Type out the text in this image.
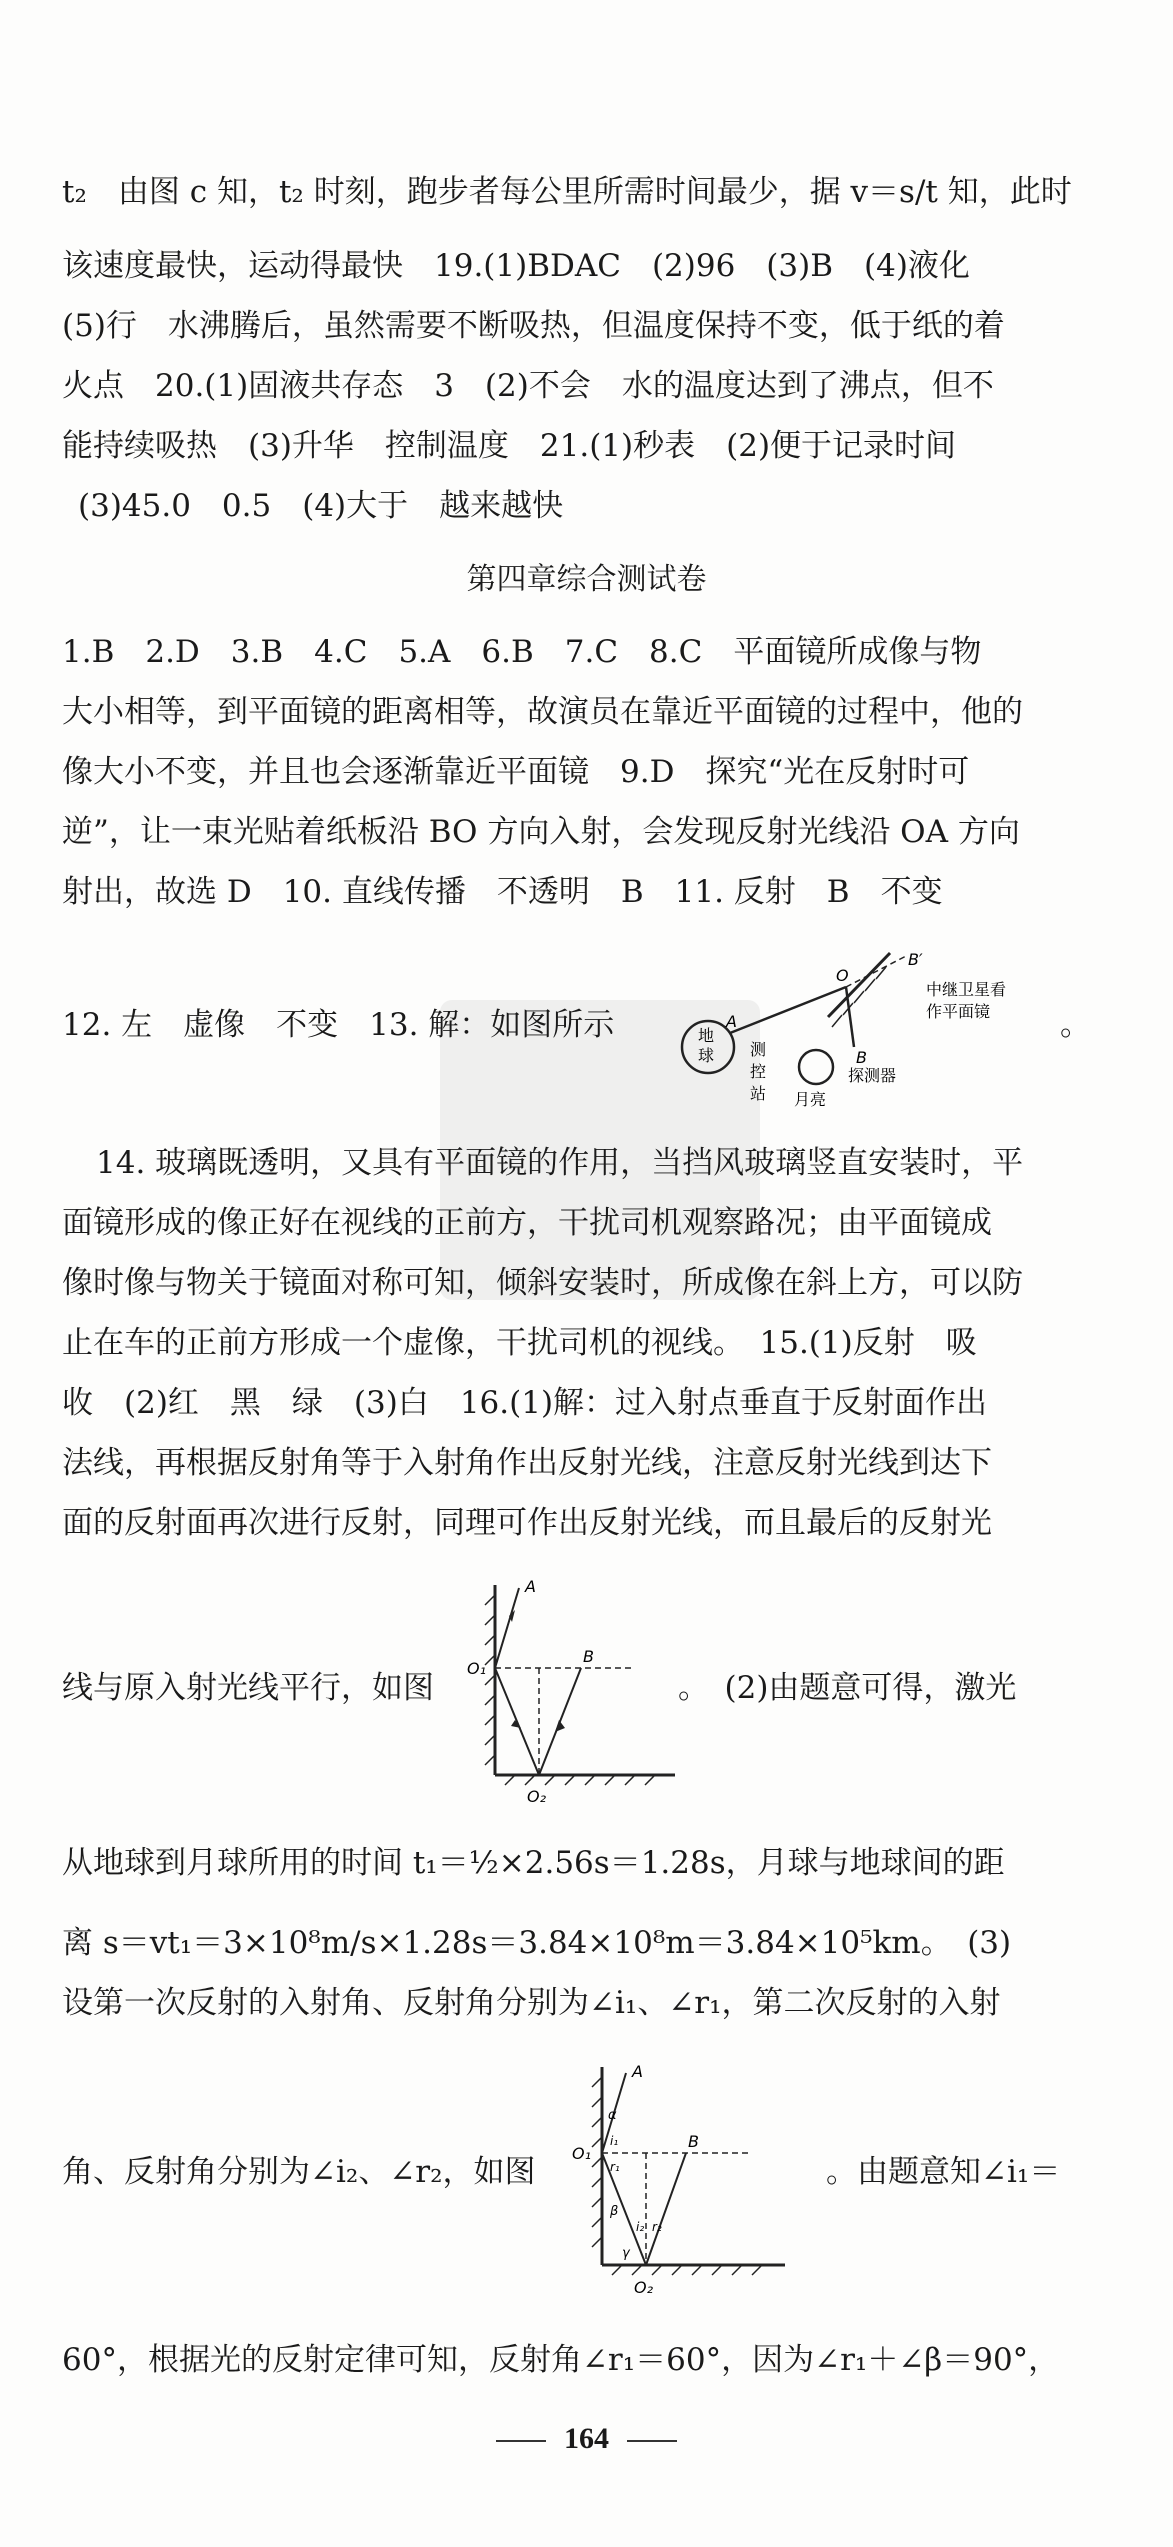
t₂　由图 c 知，t₂ 时刻，跑步者每公里所需时间最少，据 v＝s/t 知，此时
该速度最快，运动得最快　19.(1)BDAC　(2)96　(3)B　(4)液化
(5)行　水沸腾后，虽然需要不断吸热，但温度保持不变，低于纸的着
火点　20.(1)固液共存态　3　(2)不会　水的温度达到了沸点，但不
能持续吸热　(3)升华　控制温度　21.(1)秒表　(2)便于记录时间
(3)45.0　0.5　(4)大于　越来越快
第四章综合测试卷
1.B　2.D　3.B　4.C　5.A　6.B　7.C　8.C　平面镜所成像与物
大小相等，到平面镜的距离相等，故演员在靠近平面镜的过程中，他的
像大小不变，并且也会逐渐靠近平面镜　9.D　探究“光在反射时可
逆”，让一束光贴着纸板沿 BO 方向入射，会发现反射光线沿 OA 方向
射出，故选 D　10. 直线传播　不透明　B　11. 反射　B　不变
12. 左　虚像　不变　13. 解：如图所示	。
地
球
A
O
B
B′
测
控
站 月亮
探测器
中继卫星看
作平面镜
14. 玻璃既透明，又具有平面镜的作用，当挡风玻璃竖直安装时，平
面镜形成的像正好在视线的正前方，干扰司机观察路况；由平面镜成
像时像与物关于镜面对称可知，倾斜安装时，所成像在斜上方，可以防
止在车的正前方形成一个虚像，干扰司机的视线。　15.(1)反射　吸
收　(2)红　黑　绿　(3)白　16.(1)解：过入射点垂直于反射面作出
法线，再根据反射角等于入射角作出反射光线，注意反射光线到达下
面的反射面再次进行反射，同理可作出反射光线，而且最后的反射光
线与原入射光线平行，如图	。　(2)由题意可得，激光
A
B
O₁
O₂
从地球到月球所用的时间 t₁＝½×2.56s＝1.28s，月球与地球间的距
离 s＝vt₁＝3×10⁸m/s×1.28s＝3.84×10⁸m＝3.84×10⁵km。　(3)
设第一次反射的入射角、反射角分别为∠i₁、∠r₁，第二次反射的入射
角、反射角分别为∠i₂、∠r₂，如图	。由题意知∠i₁＝
A
B
O₁
O₂
α
i₁
r₁
β
i₂ r₂
γ
60°，根据光的反射定律可知，反射角∠r₁＝60°，因为∠r₁＋∠β＝90°，
164
